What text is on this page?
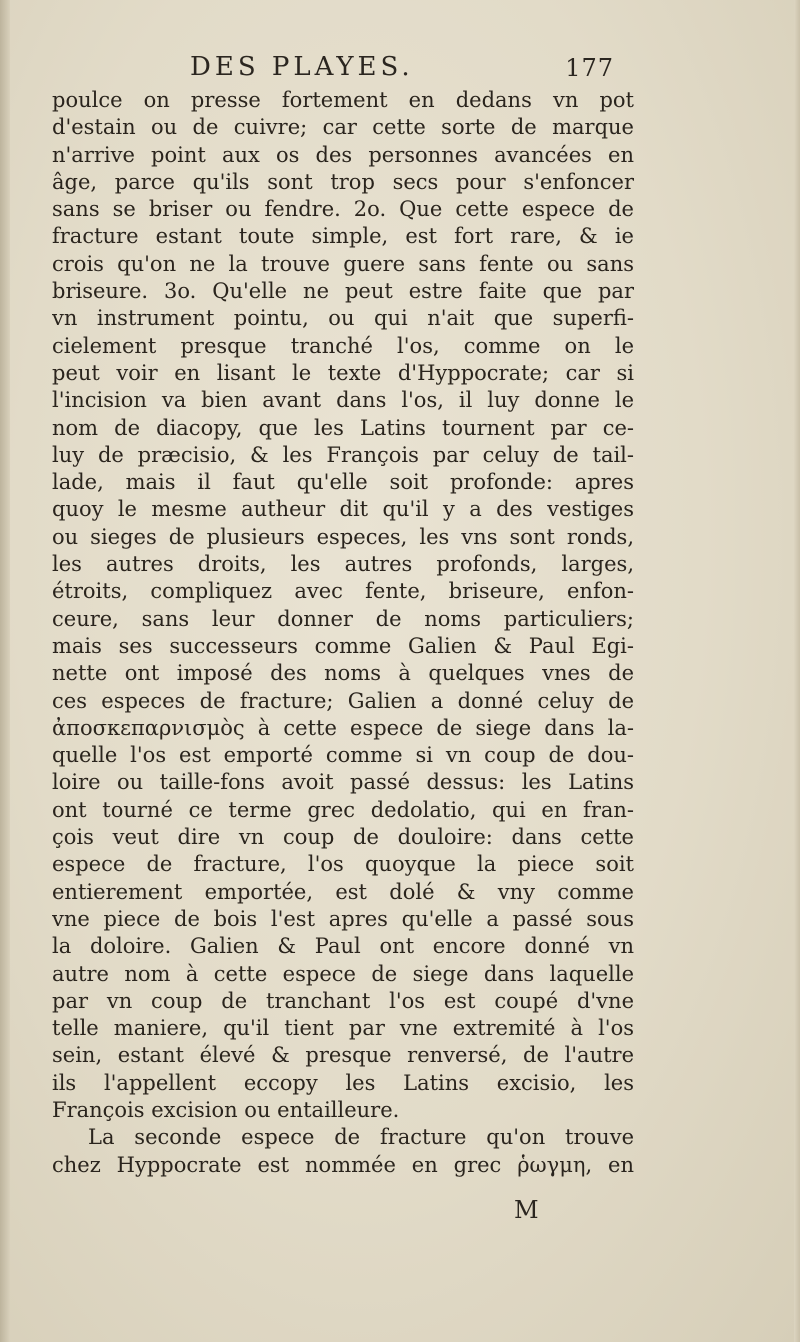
DES PLAYES.	177
poulce on presse fortement en dedans vn pot
d'estain ou de cuivre; car cette sorte de marque
n'arrive point aux os des personnes avancées en
âge, parce qu'ils sont trop secs pour s'enfoncer
sans se briser ou fendre. 2o. Que cette espece de
fracture estant toute simple, est fort rare, & ie
crois qu'on ne la trouve guere sans fente ou sans
briseure. 3o. Qu'elle ne peut estre faite que par
vn instrument pointu, ou qui n'ait que superfi-
cielement presque tranché l'os, comme on le
peut voir en lisant le texte d'Hyppocrate; car si
l'incision va bien avant dans l'os, il luy donne le
nom de diacopy, que les Latins tournent par ce-
luy de præcisio, & les François par celuy de tail-
lade, mais il faut qu'elle soit profonde: apres
quoy le mesme autheur dit qu'il y a des vestiges
ou sieges de plusieurs especes, les vns sont ronds,
les autres droits, les autres profonds, larges,
étroits, compliquez avec fente, briseure, enfon-
ceure, sans leur donner de noms particuliers;
mais ses successeurs comme Galien & Paul Egi-
nette ont imposé des noms à quelques vnes de
ces especes de fracture; Galien a donné celuy de
ἀποσκεπαρνισμὸς à cette espece de siege dans la-
quelle l'os est emporté comme si vn coup de dou-
loire ou taille-fons avoit passé dessus: les Latins
ont tourné ce terme grec dedolatio, qui en fran-
çois veut dire vn coup de douloire: dans cette
espece de fracture, l'os quoyque la piece soit
entierement emportée, est dolé & vny comme
vne piece de bois l'est apres qu'elle a passé sous
la doloire. Galien & Paul ont encore donné vn
autre nom à cette espece de siege dans laquelle
par vn coup de tranchant l'os est coupé d'vne
telle maniere, qu'il tient par vne extremité à l'os
sein, estant élevé & presque renversé, de l'autre
ils l'appellent eccopy les Latins excisio, les
François excision ou entailleure.
La seconde espece de fracture qu'on trouve
chez Hyppocrate est nommée en grec ῥωγμη, en
M
